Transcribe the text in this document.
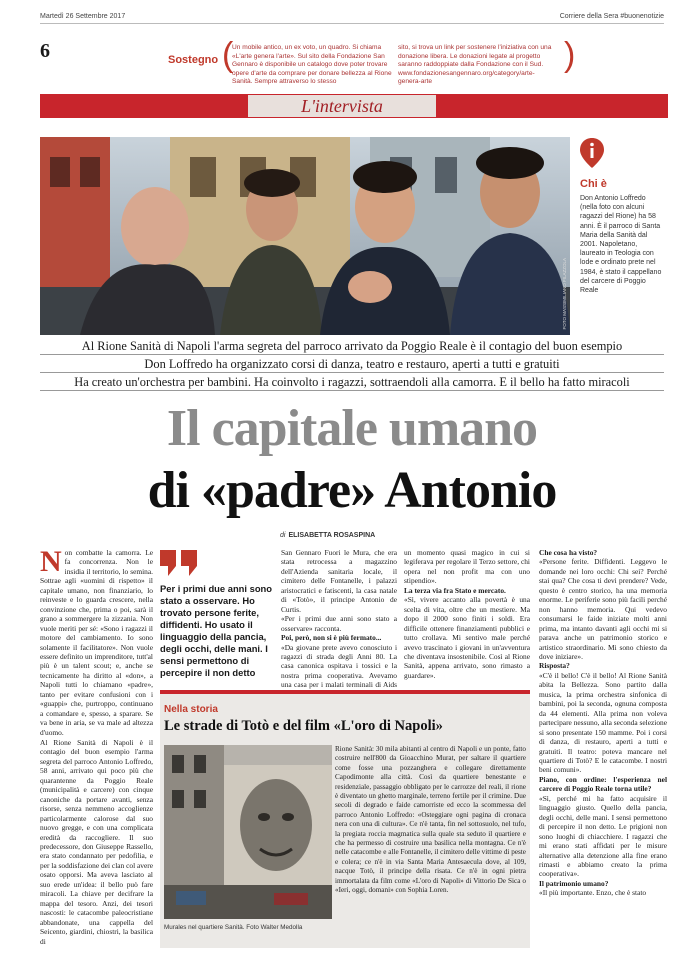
Martedì 26 Settembre 2017	Corriere della Sera #buonenotizie
6	Sostegno (
Un mobile antico, un ex voto, un quadro. Si chiama «L'arte genera l'arte». Sul sito della Fondazione San Gennaro è disponibile un catalogo dove poter trovare opere d'arte da comprare per donare bellezza al Rione Sanità. Sempre attraverso lo stesso
sito, si trova un link per sostenere l'iniziativa con una donazione libera. Le donazioni legate al progetto saranno raddoppiate dalla Fondazione con il Sud. www.fondazionesangennaro.org/category/arte-genera-arte
)
L'intervista
FOTO MASSIMILIANO FILAZZOLA
Chi è
Don Antonio Loffredo (nella foto con alcuni ragazzi del Rione) ha 58 anni. È il parroco di Santa Maria della Sanità dal 2001. Napoletano, laureato in Teologia con lode e ordinato prete nel 1984, è stato il cappellano del carcere di Poggio Reale
Al Rione Sanità di Napoli l'arma segreta del parroco arrivato da Poggio Reale è il contagio del buon esempio
Don Loffredo ha organizzato corsi di danza, teatro e restauro, aperti a tutti e gratuiti
Ha creato un'orchestra per bambini. Ha coinvolto i ragazzi, sottraendoli alla camorra. E il bello ha fatto miracoli
Il capitale umano
di «padre» Antonio
di ELISABETTA ROSASPINA
Non combatte la camorra. Le fa concorrenza. Non le insidia il territorio, lo semina. Sottrae agli «uomini di rispetto» il capitale umano, non finanziario, lo reinveste e lo guarda crescere, nella convinzione che, prima o poi, sarà il grano a sommergere la zizzania. Non vuole meriti per sé: «Sono i ragazzi il motore del cambiamento. Io sono solamente il facilitatore». Non vuole essere definito un imprenditore, tutt'al più è un talent scout; e, anche se tecnicamente ha diritto al «don», a Napoli tutti lo chiamano «padre», tanto per evitare confusioni con i «guappi» che, purtroppo, continuano a comandare e, spesso, a sparare. Se va bene in aria, se va male ad altezza d'uomo.
Al Rione Sanità di Napoli è il contagio del buon esempio l'arma segreta del parroco Antonio Loffredo, 58 anni, arrivato qui poco più che quarantenne da Poggio Reale (municipalità e carcere) con cinque canoniche da portare avanti, senza risorse, senza nemmeno accoglienze particolarmente calorose dal suo nuovo gregge, e con una complicata eredità da raccogliere. Il suo predecessore, don Giuseppe Rassello, era stato condannato per pedofilia, e per la soddisfazione dei clan col avere osato opporsi. Ma aveva lasciato al suo erede un'idea: il bello può fare miracoli. La chiave per decifrare la mappa del tesoro. Anzi, dei tesori nascosti: le catacombe paleocristiane abbandonate, una cappella del Seicento, giardini, chiostri, la basilica di
Per i primi due anni sono stato a osservare. Ho trovato persone ferite, diffidenti. Ho usato il linguaggio della pancia, degli occhi, delle mani. I sensi permettono di percepire il non detto

San Gennaro Fuori le Mura, che era stata retrocessa a magazzino dell'Azienda sanitaria locale, il cimitero delle Fontanelle, i palazzi aristocratici e fatiscenti, la casa natale di «Totò», il principe Antonio de Curtis.

«Per i primi due anni sono stato a osservare» racconta.

Poi, però, non si è più fermato...

«Da giovane prete avevo conosciuto i ragazzi di strada degli Anni 80. La casa canonica ospitava i tossici e la nostra prima cooperativa. Avevamo una casa per i malati terminali di Aids

un momento quasi magico in cui si legiferava per regolare il Terzo settore, chi opera nel non profit ma con uno stipendio».

La terza via fra Stato e mercato.

«Sì, vivere accanto alla povertà è una scelta di vita, oltre che un mestiere. Ma dopo il 2000 sono finiti i soldi. Era difficile ottenere finanziamenti pubblici e tutto crollava. Mi sentivo male perché avevo trascinato i giovani in un'avventura che diventava insostenibile. Così al Rione Sanità, appena arrivato, sono rimasto a guardare».

Che cosa ha visto?

«Persone ferite. Diffidenti. Leggevo le domande nei loro occhi: Chi sei? Perché stai qua? Che cosa ti devi prendere? Vede, questo è centro storico, ha una memoria enorme. Le periferie sono più facili perché non hanno memoria. Qui vedevo consumarsi le faide iniziate molti anni prima, ma intanto davanti agli occhi mi si parava anche un patrimonio storico e artistico straordinario. Mi sono chiesto da dove iniziare».

Risposta?

«C'è il bello! C'è il bello! Al Rione Sanità abita la Bellezza. Sono partito dalla musica, la prima orchestra sinfonica di bambini, poi la seconda, ognuna composta da 44 elementi. Alla prima non voleva partecipare nessuno, alla seconda selezione si sono presentate 150 mamme. Poi i corsi di danza, di restauro, aperti a tutti e gratuiti. Il teatro: poteva mancare nel quartiere di Totò? E le catacombe. I nostri beni comuni».

Piano, con ordine: l'esperienza nel carcere di Poggio Reale torna utile?

«Sì, perché mi ha fatto acquisire il linguaggio giusto. Quello della pancia, degli occhi, delle mani. I sensi permettono di percepire il non detto. Le prigioni non sono luoghi di chiacchiere. I ragazzi che mi erano stati affidati per le misure alternative alla detenzione alla fine erano rimasti e abbiamo creato la prima cooperativa».

Il patrimonio umano?

«Il più importante. Enzo, che è stato

Nella storia
Le strade di Totò e del film «L'oro di Napoli»
Murales nel quartiere Sanità. Foto Walter Medolla
Rione Sanità: 30 mila abitanti al centro di Napoli e un ponte, fatto costruire nell'800 da Gioacchino Murat, per saltare il quartiere come fosse una pozzanghera e collegare direttamente Capodimonte alla città. Così da quartiere benestante e residenziale, passaggio obbligato per le carrozze del reali, il rione è diventato un ghetto marginale, terreno fertile per il crimine. Due secoli di degrado e faide camorriste ed ecco la scommessa del parroco Antonio Loffredo: «Osteggiare ogni pagina di cronaca nera con una di cultura». Ce n'è tanta, fin nel sottosuolo, nel tufo, la pregiata roccia magmatica sulla quale sta seduto il quartiere e che ha permesso di costruire una basilica nella montagna. Ce n'è nelle catacombe e alle Fontanelle, il cimitero delle vittime di peste e colera; ce n'è in via Santa Maria Antesaecula dove, al 109, nacque Totò, il principe della risata. Ce n'è in ogni pietra immortalata da film come «L'oro di Napoli» di Vittorio De Sica o «Ieri, oggi, domani» con Sophia Loren.
